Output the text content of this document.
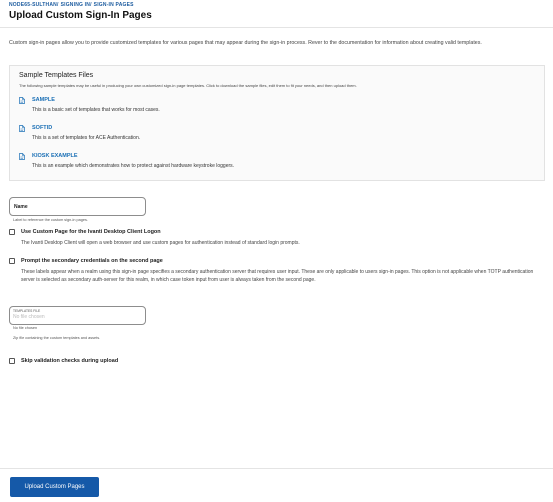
NODE65-SULTHAN/ SIGNING IN/ SIGN-IN PAGES
Upload Custom Sign-In Pages
Custom sign-in pages allow you to provide customized templates for various pages that may appear during the sign-in process. Rever to the documentation for information about creating valid templates.
Sample Templates Files
The following sample templates may be useful in producing your own customized sign-in page templates. Click to download the sample files, edit them to fit your needs, and then upload them.
SAMPLE
This is a basic set of templates that works for most cases.
SOFTID
This is a set of templates for ACE Authentication.
KIOSK EXAMPLE
This is an example which demonstrates how to protect against hardware keystroke loggers.
Name
Label to reference the custom sign-in pages.
Use Custom Page for the Ivanti Desktop Client Logon
The Ivanti Desktop Client will open a web browser and use custom pages for authentication instead of standard login prompts.
Prompt the secondary credentials on the second page
These labels appear when a realm using this sign-in page specifies a secondary authentication server that requires user input. These are only applicable to users sign-in pages. This option is not applicable when TOTP authentication server is selected as secondary auth-server for this realm, in which case token input from user is always taken from the second page.
TEMPLATES FILE
No file chosen
No file chosen
Zip file containing the custom templates and assets.
Skip validation checks during upload
Upload Custom Pages
